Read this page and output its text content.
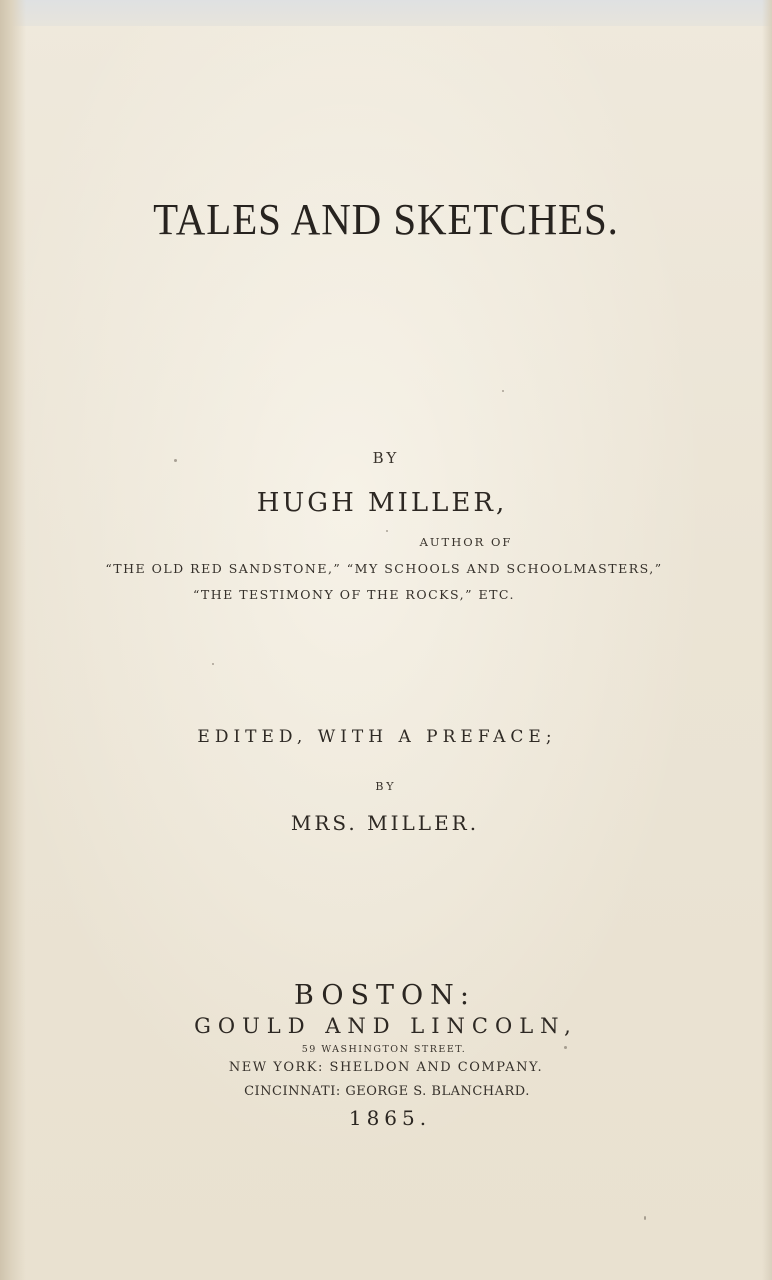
TALES AND SKETCHES.
BY
HUGH MILLER,
AUTHOR OF
“THE OLD RED SANDSTONE,” “MY SCHOOLS AND SCHOOLMASTERS,”
“THE TESTIMONY OF THE ROCKS,” ETC.
EDITED, WITH A PREFACE;
BY
MRS. MILLER.
BOSTON:
GOULD AND LINCOLN,
59 WASHINGTON STREET.
NEW YORK: SHELDON AND COMPANY.
CINCINNATI: GEORGE S. BLANCHARD.
1865.
